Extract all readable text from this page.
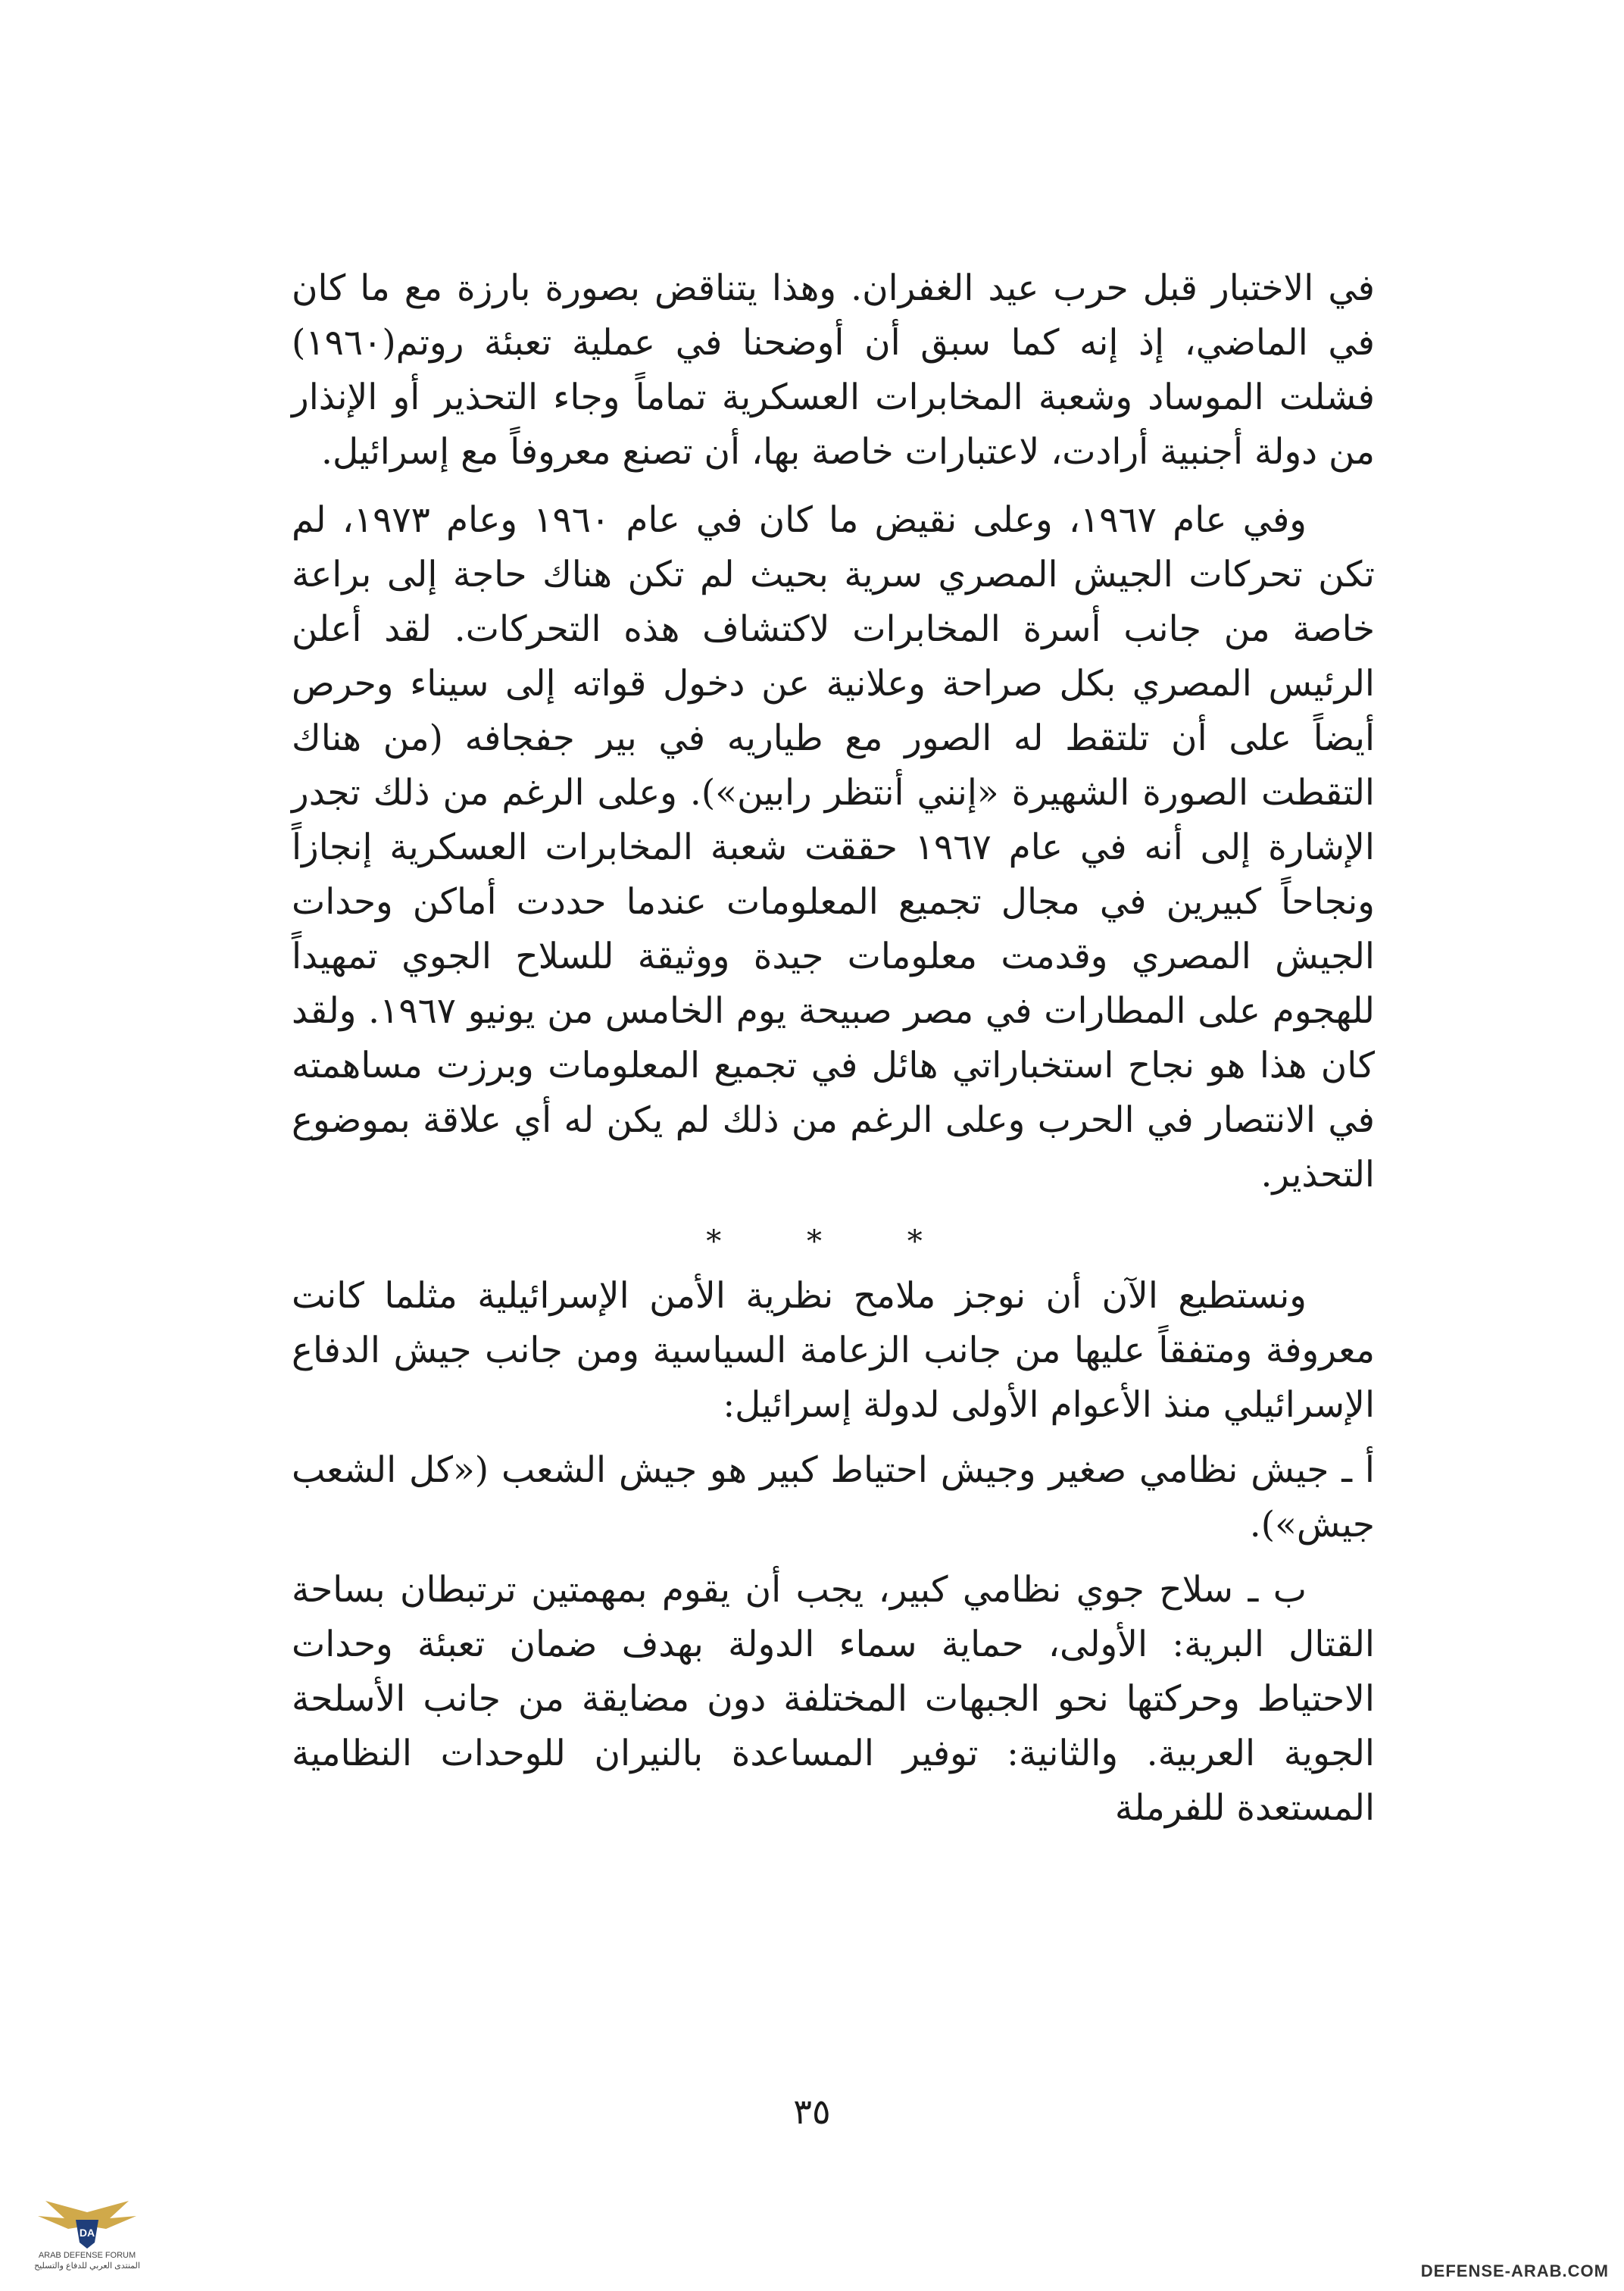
في الاختبار قبل حرب عيد الغفران. وهذا يتناقض بصورة بارزة مع ما كان في الماضي، إذ إنه كما سبق أن أوضحنا في عملية تعبئة روتم(١٩٦٠) فشلت الموساد وشعبة المخابرات العسكرية تماماً وجاء التحذير أو الإنذار من دولة أجنبية أرادت، لاعتبارات خاصة بها، أن تصنع معروفاً مع إسرائيل.

وفي عام ١٩٦٧، وعلى نقيض ما كان في عام ١٩٦٠ وعام ١٩٧٣، لم تكن تحركات الجيش المصري سرية بحيث لم تكن هناك حاجة إلى براعة خاصة من جانب أسرة المخابرات لاكتشاف هذه التحركات. لقد أعلن الرئيس المصري بكل صراحة وعلانية عن دخول قواته إلى سيناء وحرص أيضاً على أن تلتقط له الصور مع طياريه في بير جفجافه (من هناك التقطت الصورة الشهيرة «إنني أنتظر رابين»). وعلى الرغم من ذلك تجدر الإشارة إلى أنه في عام ١٩٦٧ حققت شعبة المخابرات العسكرية إنجازاً ونجاحاً كبيرين في مجال تجميع المعلومات عندما حددت أماكن وحدات الجيش المصري وقدمت معلومات جيدة ووثيقة للسلاح الجوي تمهيداً للهجوم على المطارات في مصر صبيحة يوم الخامس من يونيو ١٩٦٧. ولقد كان هذا هو نجاح استخباراتي هائل في تجميع المعلومات وبرزت مساهمته في الانتصار في الحرب وعلى الرغم من ذلك لم يكن له أي علاقة بموضوع التحذير.

* * *

ونستطيع الآن أن نوجز ملامح نظرية الأمن الإسرائيلية مثلما كانت معروفة ومتفقاً عليها من جانب الزعامة السياسية ومن جانب جيش الدفاع الإسرائيلي منذ الأعوام الأولى لدولة إسرائيل:

أ ـ جيش نظامي صغير وجيش احتياط كبير هو جيش الشعب («كل الشعب جيش»).

ب ـ سلاح جوي نظامي كبير، يجب أن يقوم بمهمتين ترتبطان بساحة القتال البرية: الأولى، حماية سماء الدولة بهدف ضمان تعبئة وحدات الاحتياط وحركتها نحو الجبهات المختلفة دون مضايقة من جانب الأسلحة الجوية العربية. والثانية: توفير المساعدة بالنيران للوحدات النظامية المستعدة للفرملة

٣٥
DA
ARAB DEFENSE FORUM
المنتدى العربي للدفاع والتسليح	DEFENSE-ARAB.COM
